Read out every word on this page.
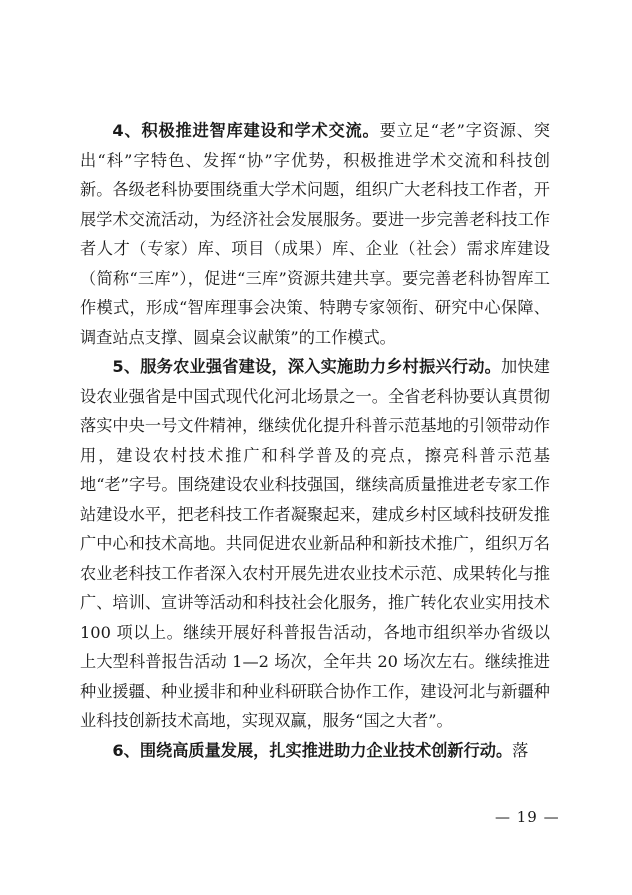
4、积极推进智库建设和学术交流。要立足“老”字资源、突出“科”字特色、发挥“协”字优势，积极推进学术交流和科技创新。各级老科协要围绕重大学术问题，组织广大老科技工作者，开展学术交流活动，为经济社会发展服务。要进一步完善老科技工作者人才（专家）库、项目（成果）库、企业（社会）需求库建设（简称“三库”），促进“三库”资源共建共享。要完善老科协智库工作模式，形成“智库理事会决策、特聘专家领衔、研究中心保障、调查站点支撑、圆桌会议献策”的工作模式。

5、服务农业强省建设，深入实施助力乡村振兴行动。加快建设农业强省是中国式现代化河北场景之一。全省老科协要认真贯彻落实中央一号文件精神，继续优化提升科普示范基地的引领带动作用，建设农村技术推广和科学普及的亮点，擦亮科普示范基地“老”字号。围绕建设农业科技强国，继续高质量推进老专家工作站建设水平，把老科技工作者凝聚起来，建成乡村区域科技研发推广中心和技术高地。共同促进农业新品种和新技术推广，组织万名农业老科技工作者深入农村开展先进农业技术示范、成果转化与推广、培训、宣讲等活动和科技社会化服务，推广转化农业实用技术 100 项以上。继续开展好科普报告活动，各地市组织举办省级以上大型科普报告活动 1—2 场次，全年共 20 场次左右。继续推进种业援疆、种业援非和种业科研联合协作工作，建设河北与新疆种业科技创新技术高地，实现双赢，服务“国之大者”。

6、围绕高质量发展，扎实推进助力企业技术创新行动。落

— 19 —
